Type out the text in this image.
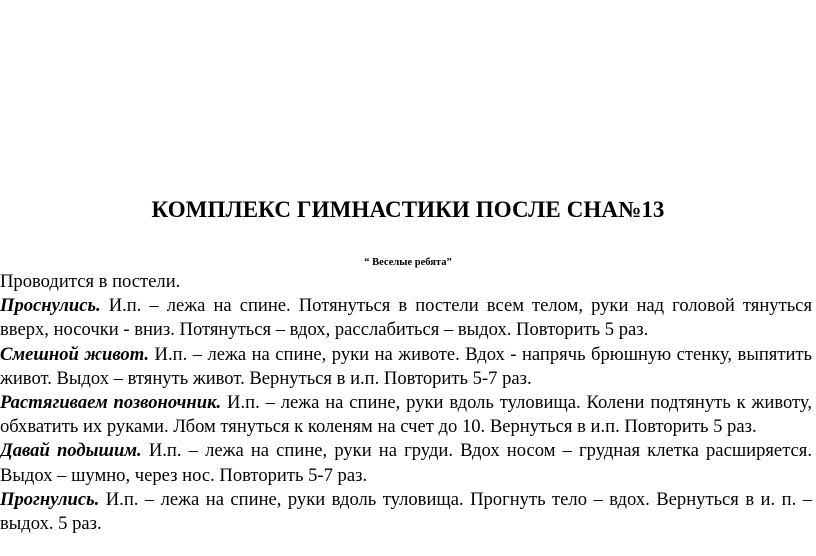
КОМПЛЕКС ГИМНАСТИКИ ПОСЛЕ СНА№13
“ Веселые ребята”

Проводится в постели.

Проснулись. И.п. – лежа на спине. Потянуться в постели всем телом, руки над головой тянуться вверх, носочки - вниз. Потянуться – вдох, расслабиться – выдох. Повторить 5 раз.

Смешной живот. И.п. – лежа на спине, руки на животе. Вдох - напрячь брюшную стенку, выпятить живот. Выдох – втянуть живот. Вернуться в и.п. Повторить 5-7 раз.

Растягиваем позвоночник. И.п. – лежа на спине, руки вдоль туловища. Колени подтянуть к животу, обхватить их руками. Лбом тянуться к коленям на счет до 10. Вернуться в и.п. Повторить 5 раз.

Давай подышим. И.п. – лежа на спине, руки на груди. Вдох носом – грудная клетка расширяется. Выдох – шумно, через нос. Повторить 5-7 раз.

Прогнулись. И.п. – лежа на спине, руки вдоль туловища. Прогнуть тело – вдох. Вернуться в и. п. – выдох. 5 раз.
